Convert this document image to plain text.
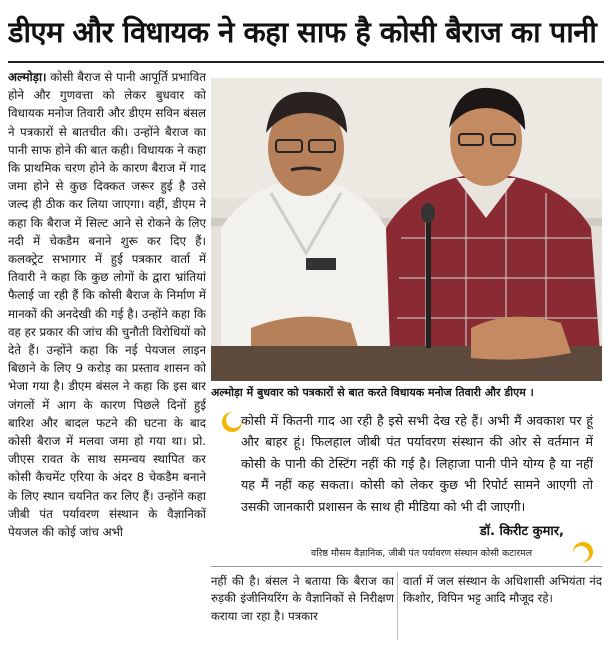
डीएम और विधायक ने कहा साफ है कोसी बैराज का पानी
अल्मोड़ा। कोसी बैराज से पानी आपूर्ति प्रभावित होने और गुणवत्ता को लेकर बुधवार को विधायक मनोज तिवारी और डीएम सविन बंसल ने पत्रकारों से बातचीत की। उन्होंने बैराज का पानी साफ होने की बात कही। विधायक ने कहा कि प्राथमिक चरण होने के कारण बैराज में गाद जमा होने से कुछ दिक्कत जरूर हुई है उसे जल्द ही ठीक कर लिया जाएगा। वहीं, डीएम ने कहा कि बैराज में सिल्ट आने से रोकने के लिए नदी में चेकडैम बनाने शुरू कर दिए हैं। कलक्ट्रेट सभागार में हुई पत्रकार वार्ता में तिवारी ने कहा कि कुछ लोगों के द्वारा भ्रांतियां फैलाई जा रही हैं कि कोसी बैराज के निर्माण में मानकों की अनदेखी की गई है। उन्होंने कहा कि वह हर प्रकार की जांच की चुनौती विरोधियों को देते हैं। उन्होंने कहा कि नई पेयजल लाइन बिछाने के लिए 9 करोड़ का प्रस्ताव शासन को भेजा गया है। डीएम बंसल ने कहा कि इस बार जंगलों में आग के कारण पिछले दिनों हुई बारिश और बादल फटने की घटना के बाद कोसी बैराज में मलवा जमा हो गया था। प्रो. जीएस रावत के साथ समन्वय स्थापित कर कोसी कैचमेंट एरिया के अंदर 8 चेकडैम बनाने के लिए स्थान चयनित कर लिए हैं। उन्होंने कहा जीबी पंत पर्यावरण संस्थान के वैज्ञानिकों पेयजल की कोई जांच अभी
अल्मोड़ा में बुधवार को पत्रकारों से बात करते विधायक मनोज तिवारी और डीएम ।
कोसी में कितनी गाद आ रही है इसे सभी देख रहे हैं। अभी मैं अवकाश पर हूं और बाहर हूं। फिलहाल जीबी पंत पर्यावरण संस्थान की ओर से वर्तमान में कोसी के पानी की टेस्टिंग नहीं की गई है। लिहाजा पानी पीने योग्य है या नहीं यह मैं नहीं कह सकता। कोसी को लेकर कुछ भी रिपोर्ट सामने आएगी तो उसकी जानकारी प्रशासन के साथ ही मीडिया को भी दी जाएगी।
डॉ. किरीट कुमार,
वरिष्ठ मौसम वैज्ञानिक, जीबी पंत पर्यावरण संस्थान कोसी कटारमल
नहीं की है। बंसल ने बताया कि बैराज का रुड़की इंजीनियरिंग के वैज्ञानिकों से निरीक्षण कराया जा रहा है। पत्रकार
वार्ता में जल संस्थान के अधिशासी अभियंता नंद किशोर, विपिन भट्ट आदि मौजूद रहे।
